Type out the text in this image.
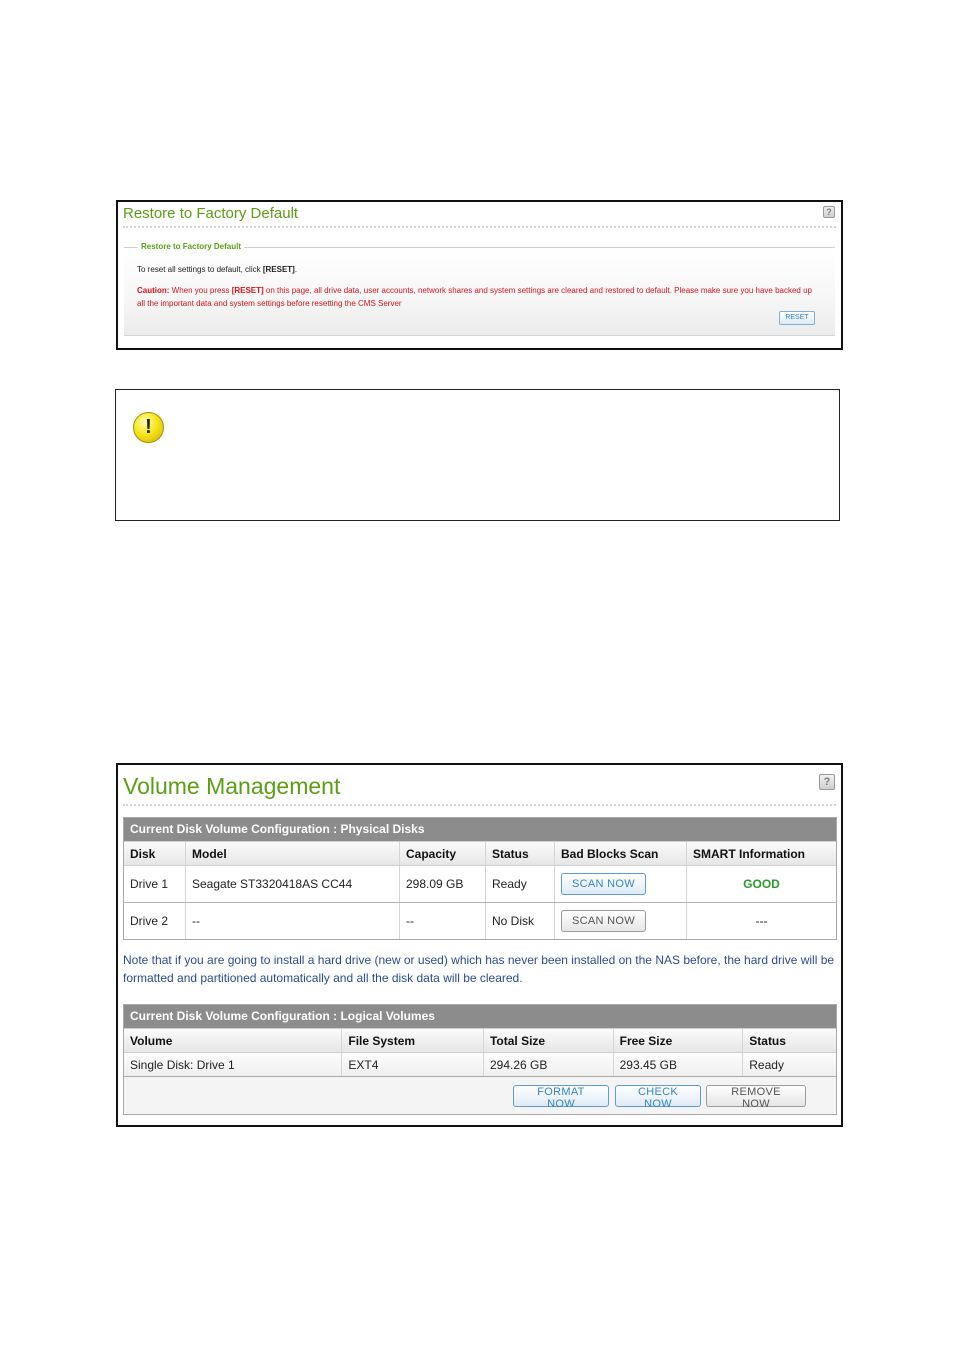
Restore to Factory Default	?
Restore to Factory Default
To reset all settings to default, click [RESET].
Caution: When you press [RESET] on this page, all drive data, user accounts, network shares and system settings are cleared and restored to default. Please make sure you have backed up all the important data and system settings before resetting the CMS Server
RESET
!
Volume Management	?
Current Disk Volume Configuration : Physical Disks
Disk	Model	Capacity	Status	Bad Blocks Scan	SMART Information
Drive 1	Seagate ST3320418AS CC44	298.09 GB	Ready	SCAN NOW	GOOD
Drive 2	--	--	No Disk	SCAN NOW	---
Note that if you are going to install a hard drive (new or used) which has never been installed on the NAS before, the hard drive will be formatted and partitioned automatically and all the disk data will be cleared.
Current Disk Volume Configuration : Logical Volumes
Volume	File System	Total Size	Free Size	Status
Single Disk: Drive 1	EXT4	294.26 GB	293.45 GB	Ready
FORMAT NOW
CHECK NOW
REMOVE NOW
